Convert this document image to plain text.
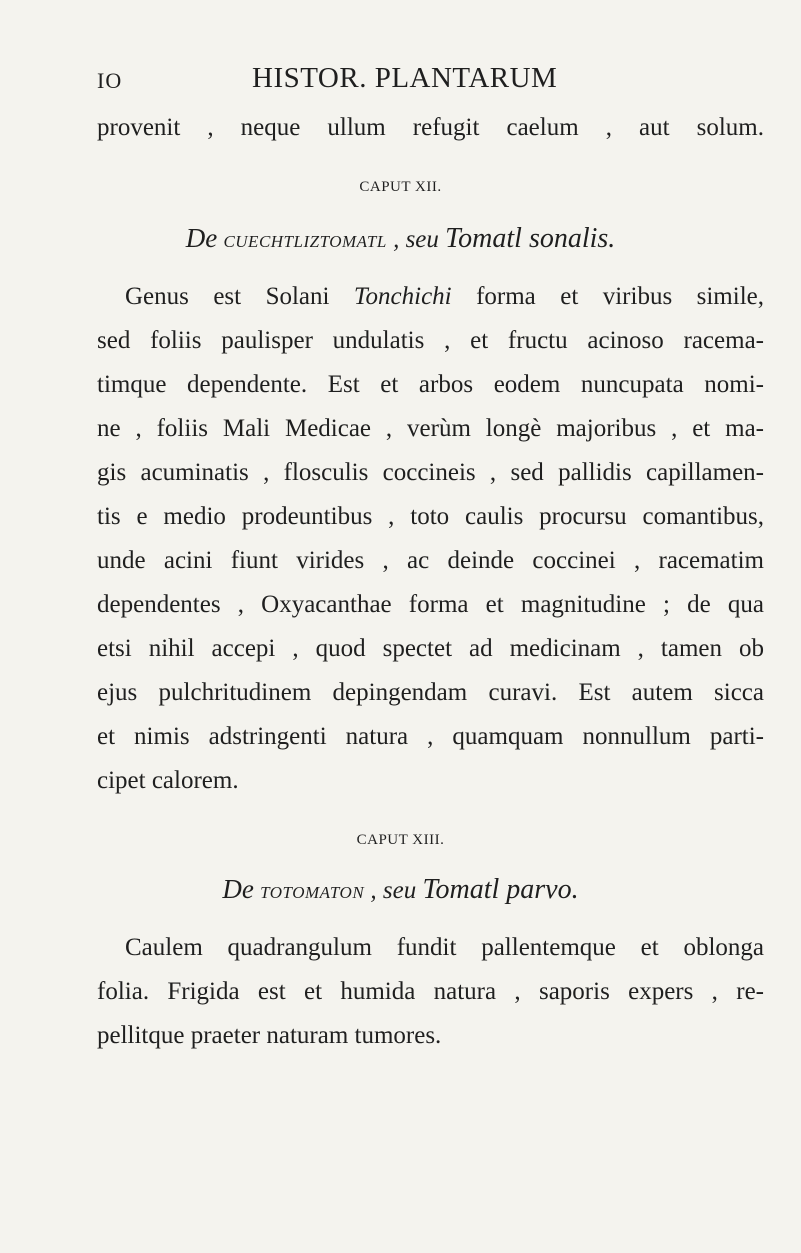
IO	HISTOR. PLANTARUM
provenit , neque ullum refugit caelum , aut solum.
CAPUT XII.
De CUECHTLIZTOMATL , seu Tomatl sonalis.
Genus est Solani Tonchichi forma et viribus simile,
sed foliis paulisper undulatis , et fructu acinoso racema-
timque dependente. Est et arbos eodem nuncupata nomi-
ne , foliis Mali Medicae , verùm longè majoribus , et ma-
gis acuminatis , flosculis coccineis , sed pallidis capillamen-
tis e medio prodeuntibus , toto caulis procursu comantibus,
unde acini fiunt virides , ac deinde coccinei , racematim
dependentes , Oxyacanthae forma et magnitudine ; de qua
etsi nihil accepi , quod spectet ad medicinam , tamen ob
ejus pulchritudinem depingendam curavi. Est autem sicca
et nimis adstringenti natura , quamquam nonnullum parti-
cipet calorem.
CAPUT XIII.
De TOTOMATON , seu Tomatl parvo.
Caulem quadrangulum fundit pallentemque et oblonga
folia. Frigida est et humida natura , saporis expers , re-
pellitque praeter naturam tumores.
